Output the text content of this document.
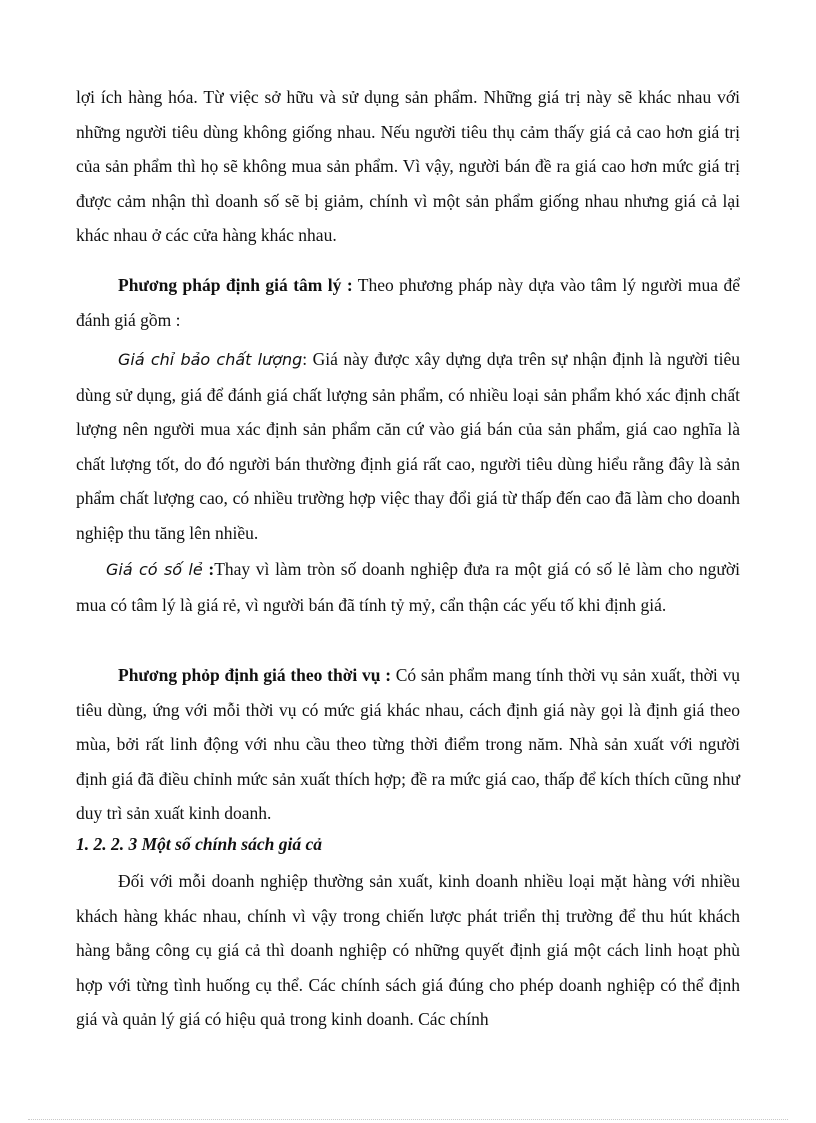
lợi ích hàng hóa. Từ việc sở hữu và sử dụng sản phẩm. Những giá trị này sẽ khác nhau với những người tiêu dùng không giống nhau. Nếu người tiêu thụ cảm thấy giá cả cao hơn giá trị của sản phẩm thì họ sẽ không mua sản phẩm. Vì vậy, người bán đề ra giá cao hơn mức giá trị được cảm nhận thì doanh số sẽ bị giảm, chính vì một sản phẩm giống nhau nhưng giá cả lại khác nhau ở các cửa hàng khác nhau.

Phương pháp định giá tâm lý : Theo phương pháp này dựa vào tâm lý người mua để đánh giá gồm :

Giá chỉ bảo chất lượng: Giá này được xây dựng dựa trên sự nhận định là người tiêu dùng sử dụng, giá để đánh giá chất lượng sản phẩm, có nhiều loại sản phẩm khó xác định chất lượng nên người mua xác định sản phẩm căn cứ vào giá bán của sản phẩm, giá cao nghĩa là chất lượng tốt, do đó người bán thường định giá rất cao, người tiêu dùng hiểu rằng đây là sản phẩm chất lượng cao, có nhiều trường hợp việc thay đổi giá từ thấp đến cao đã làm cho doanh nghiệp thu tăng lên nhiều.

Giá có số lẻ :Thay vì làm tròn số doanh nghiệp đưa ra một giá có số lẻ làm cho người mua có tâm lý là giá rẻ, vì người bán đã tính tỷ mỷ, cẩn thận các yếu tố khi định giá.

Phương phỏp định giá theo thời vụ : Có sản phẩm mang tính thời vụ sản xuất, thời vụ tiêu dùng, ứng với mỗi thời vụ có mức giá khác nhau, cách định giá này gọi là định giá theo mùa, bởi rất linh động với nhu cầu theo từng thời điểm trong năm. Nhà sản xuất với người định giá đã điều chỉnh mức sản xuất thích hợp; đề ra mức giá cao, thấp để kích thích cũng như duy trì sản xuất kinh doanh.

1. 2. 2. 3 Một số chính sách giá cả

Đối với mỗi doanh nghiệp thường sản xuất, kinh doanh nhiều loại mặt hàng với nhiều khách hàng khác nhau, chính vì vậy trong chiến lược phát triển thị trường để thu hút khách hàng bằng công cụ giá cả thì doanh nghiệp có những quyết định giá một cách linh hoạt phù hợp với từng tình huống cụ thể. Các chính sách giá đúng cho phép doanh nghiệp có thể định giá và quản lý giá có hiệu quả trong kinh doanh. Các chính
